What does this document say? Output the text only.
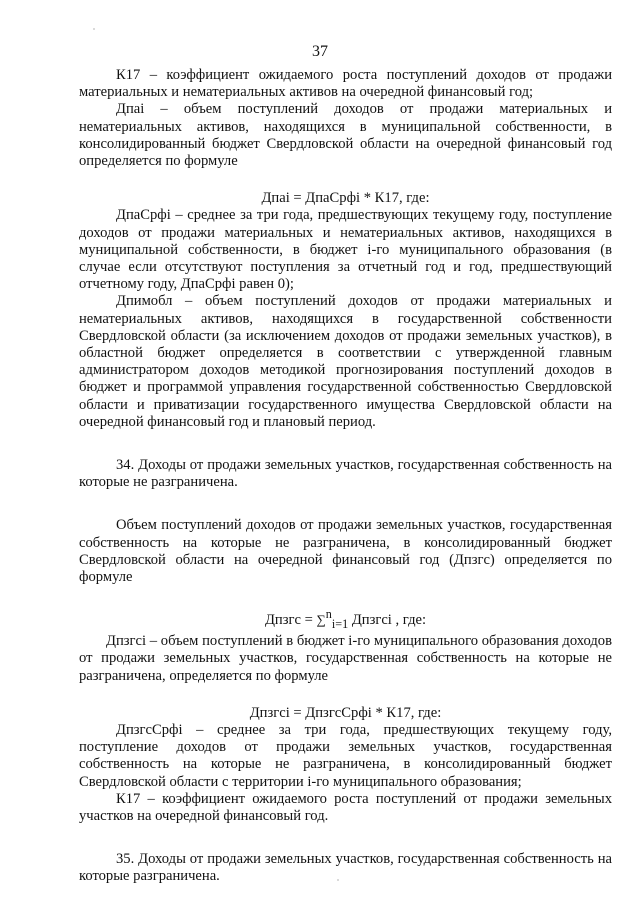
37

К17 – коэффициент ожидаемого роста поступлений доходов от продажи материальных и нематериальных активов на очередной финансовый год;

Дпаi – объем поступлений доходов от продажи материальных и нематериальных активов, находящихся в муниципальной собственности, в консолидированный бюджет Свердловской области на очередной финансовый год определяется по формуле

Дпаi = ДпаСрфi * К17, где:

ДпаСрфi – среднее за три года, предшествующих текущему году, поступление доходов от продажи материальных и нематериальных активов, находящихся в муниципальной собственности, в бюджет i-го муниципального образования (в случае если отсутствуют поступления за отчетный год и год, предшествующий отчетному году, ДпаСрфi равен 0);

Дпимобл – объем поступлений доходов от продажи материальных и нематериальных активов, находящихся в государственной собственности Свердловской области (за исключением доходов от продажи земельных участков), в областной бюджет определяется в соответствии с утвержденной главным администратором доходов методикой прогнозирования поступлений доходов в бюджет и программой управления государственной собственностью Свердловской области и приватизации государственного имущества Свердловской области на очередной финансовый год и плановый период.

34. Доходы от продажи земельных участков, государственная собственность на которые не разграничена.

Объем поступлений доходов от продажи земельных участков, государственная собственность на которые не разграничена, в консолидированный бюджет Свердловской области на очередной финансовый год (Дпзгс) определяется по формуле

Дпзгс = ∑$^n_{i=1}$ Дпзгсi , где:

Дпзгсi – объем поступлений в бюджет i-го муниципального образования доходов от продажи земельных участков, государственная собственность на которые не разграничена, определяется по формуле

Дпзгсi = ДпзгсСрфi * К17, где:

ДпзгсСрфi – среднее за три года, предшествующих текущему году, поступление доходов от продажи земельных участков, государственная собственность на которые не разграничена, в консолидированный бюджет Свердловской области с территории i-го муниципального образования;

К17 – коэффициент ожидаемого роста поступлений от продажи земельных участков на очередной финансовый год.

35. Доходы от продажи земельных участков, государственная собственность на которые разграничена.
